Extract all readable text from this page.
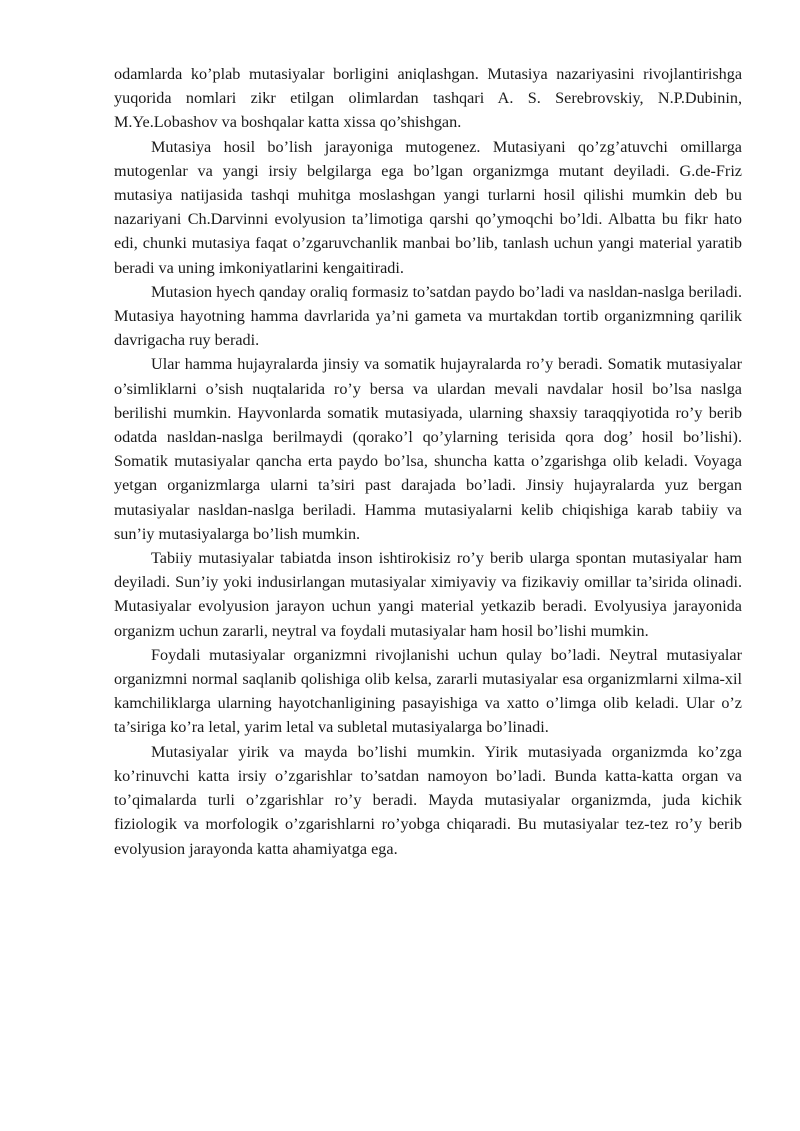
odamlarda ko’plab mutasiyalar borligini aniqlashgan. Mutasiya nazariyasini rivojlantirishga yuqorida nomlari zikr etilgan olimlardan tashqari A. S. Serebrovskiy, N.P.Dubinin, M.Ye.Lobashov va boshqalar katta xissa qo’shishgan.

Mutasiya hosil bo’lish jarayoniga mutogenez. Mutasiyani qo’zg’atuvchi omillarga mutogenlar va yangi irsiy belgilarga ega bo’lgan organizmga mutant deyiladi. G.de-Friz mutasiya natijasida tashqi muhitga moslashgan yangi turlarni hosil qilishi mumkin deb bu nazariyani Ch.Darvinni evolyusion ta’limotiga qarshi qo’ymoqchi bo’ldi. Albatta bu fikr hato edi, chunki mutasiya faqat o’zgaruvchanlik manbai bo’lib, tanlash uchun yangi material yaratib beradi va uning imkoniyatlarini kengaitiradi.

Mutasion hyech qanday oraliq formasiz to’satdan paydo bo’ladi va nasldan-naslga beriladi. Mutasiya hayotning hamma davrlarida ya’ni gameta va murtakdan tortib organizmning qarilik davrigacha ruy beradi.

Ular hamma hujayralarda jinsiy va somatik hujayralarda ro’y beradi. Somatik mutasiyalar o’simliklarni o’sish nuqtalarida ro’y bersa va ulardan mevali navdalar hosil bo’lsa naslga berilishi mumkin. Hayvonlarda somatik mutasiyada, ularning shaxsiy taraqqiyotida ro’y berib odatda nasldan-naslga berilmaydi (qorako’l qo’ylarning terisida qora dog’ hosil bo’lishi). Somatik mutasiyalar qancha erta paydo bo’lsa, shuncha katta o’zgarishga olib keladi. Voyaga yetgan organizmlarga ularni ta’siri past darajada bo’ladi. Jinsiy hujayralarda yuz bergan mutasiyalar nasldan-naslga beriladi. Hamma mutasiyalarni kelib chiqishiga karab tabiiy va sun’iy mutasiyalarga bo’lish mumkin.

Tabiiy mutasiyalar tabiatda inson ishtirokisiz ro’y berib ularga spontan mutasiyalar ham deyiladi. Sun’iy yoki indusirlangan mutasiyalar ximiyaviy va fizikaviy omillar ta’sirida olinadi. Mutasiyalar evolyusion jarayon uchun yangi material yetkazib beradi. Evolyusiya jarayonida organizm uchun zararli, neytral va foydali mutasiyalar ham hosil bo’lishi mumkin.

Foydali mutasiyalar organizmni rivojlanishi uchun qulay bo’ladi. Neytral mutasiyalar organizmni normal saqlanib qolishiga olib kelsa, zararli mutasiyalar esa organizmlarni xilma-xil kamchiliklarga ularning hayotchanligining pasayishiga va xatto o’limga olib keladi. Ular o’z ta’siriga ko’ra letal, yarim letal va subletal mutasiyalarga bo’linadi.

Mutasiyalar yirik va mayda bo’lishi mumkin. Yirik mutasiyada organizmda ko’zga ko’rinuvchi katta irsiy o’zgarishlar to’satdan namoyon bo’ladi. Bunda katta-katta organ va to’qimalarda turli o’zgarishlar ro’y beradi. Mayda mutasiyalar organizmda, juda kichik fiziologik va morfologik o’zgarishlarni ro’yobga chiqaradi. Bu mutasiyalar tez-tez ro’y berib evolyusion jarayonda katta ahamiyatga ega.
